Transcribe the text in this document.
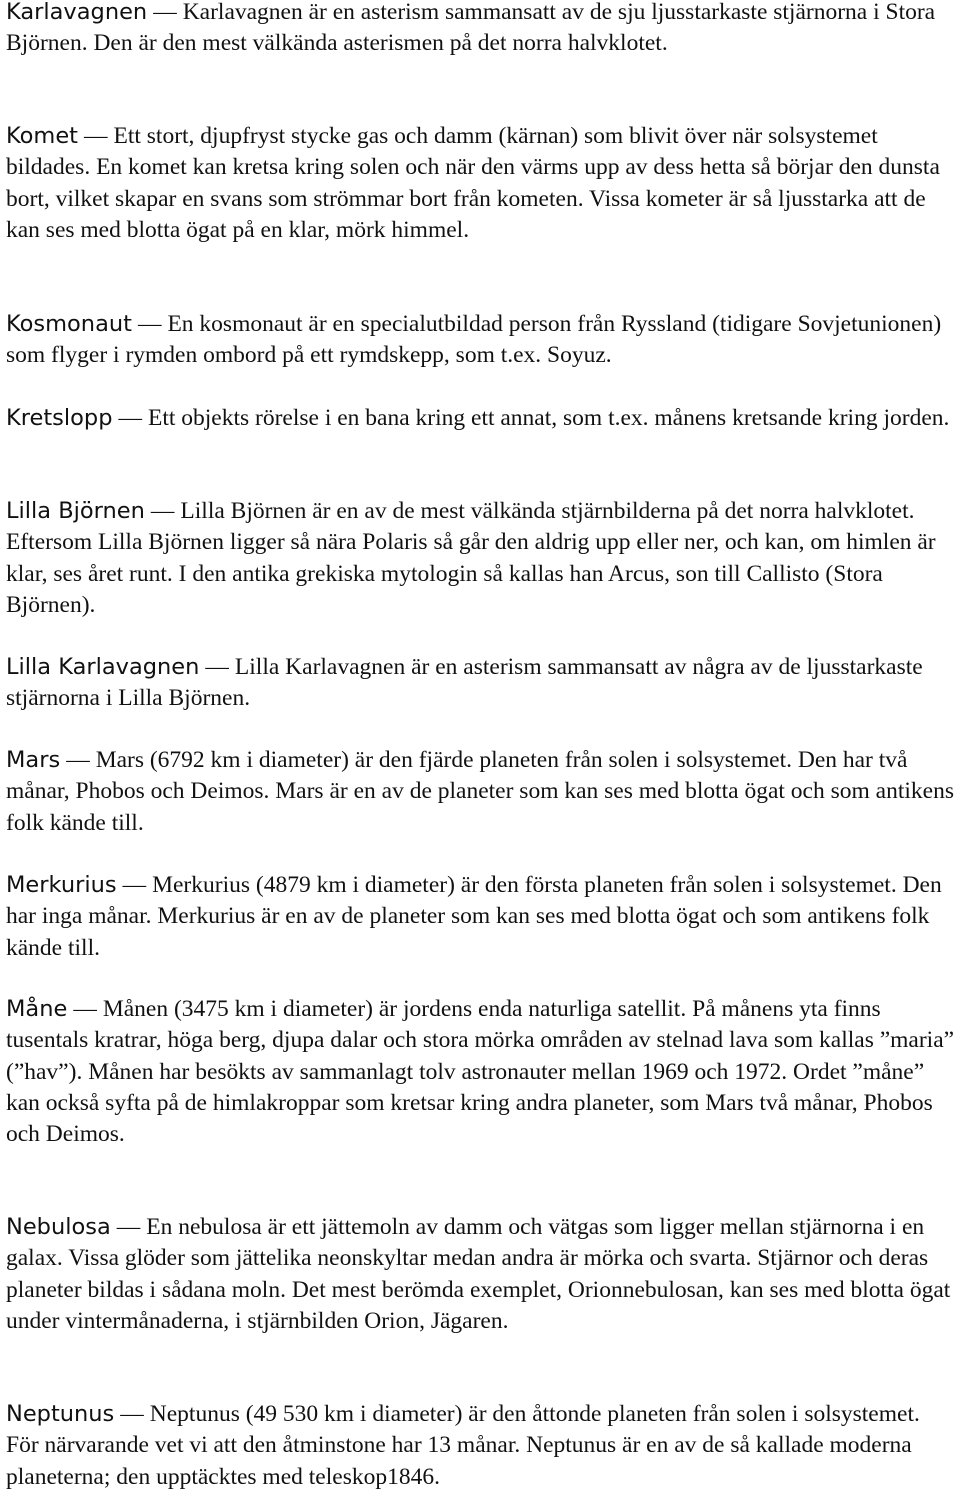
Karlavagnen — Karlavagnen är en asterism sammansatt av de sju ljusstarkaste stjärnorna i Stora Björnen. Den är den mest välkända asterismen på det norra halvklotet.

Komet — Ett stort, djupfryst stycke gas och damm (kärnan) som blivit över när solsystemet bildades. En komet kan kretsa kring solen och när den värms upp av dess hetta så börjar den dunsta bort, vilket skapar en svans som strömmar bort från kometen. Vissa kometer är så ljusstarka att de kan ses med blotta ögat på en klar, mörk himmel.

Kosmonaut — En kosmonaut är en specialutbildad person från Ryssland (tidigare Sovjetunionen) som flyger i rymden ombord på ett rymdskepp, som t.ex. Soyuz.

Kretslopp — Ett objekts rörelse i en bana kring ett annat, som t.ex. månens kretsande kring jorden.

Lilla Björnen — Lilla Björnen är en av de mest välkända stjärnbilderna på det norra halvklotet. Eftersom Lilla Björnen ligger så nära Polaris så går den aldrig upp eller ner, och kan, om himlen är klar, ses året runt. I den antika grekiska mytologin så kallas han Arcus, son till Callisto (Stora Björnen).

Lilla Karlavagnen — Lilla Karlavagnen är en asterism sammansatt av några av de ljusstarkaste stjärnorna i Lilla Björnen.

Mars — Mars (6792 km i diameter) är den fjärde planeten från solen i solsystemet. Den har två månar, Phobos och Deimos. Mars är en av de planeter som kan ses med blotta ögat och som antikens folk kände till.

Merkurius — Merkurius (4879 km i diameter) är den första planeten från solen i solsystemet. Den har inga månar. Merkurius är en av de planeter som kan ses med blotta ögat och som antikens folk kände till.

Måne — Månen (3475 km i diameter) är jordens enda naturliga satellit. På månens yta finns tusentals kratrar, höga berg, djupa dalar och stora mörka områden av stelnad lava som kallas ”maria” (”hav”). Månen har besökts av sammanlagt tolv astronauter mellan 1969 och 1972. Ordet ”måne” kan också syfta på de himlakroppar som kretsar kring andra planeter, som Mars två månar, Phobos och Deimos.

Nebulosa — En nebulosa är ett jättemoln av damm och vätgas som ligger mellan stjärnorna i en galax. Vissa glöder som jättelika neonskyltar medan andra är mörka och svarta. Stjärnor och deras planeter bildas i sådana moln. Det mest berömda exemplet, Orionnebulosan, kan ses med blotta ögat under vintermånaderna, i stjärnbilden Orion, Jägaren.

Neptunus — Neptunus (49 530 km i diameter) är den åttonde planeten från solen i solsystemet. För närvarande vet vi att den åtminstone har 13 månar. Neptunus är en av de så kallade moderna planeterna; den upptäcktes med teleskop1846.
